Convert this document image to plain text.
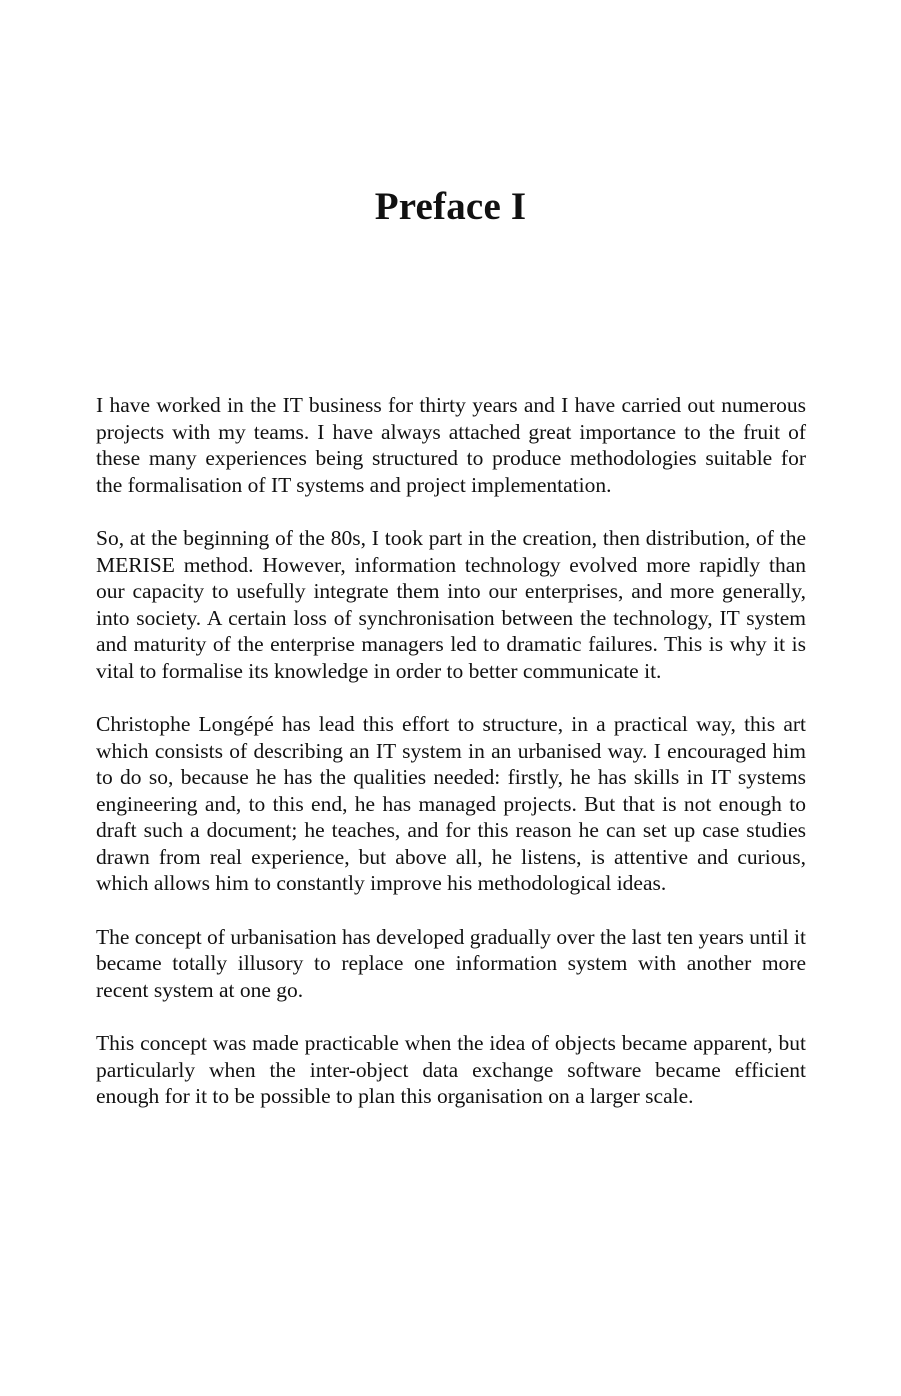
Preface I

I have worked in the IT business for thirty years and I have carried out numerous projects with my teams. I have always attached great importance to the fruit of these many experiences being structured to produce methodologies suitable for the formalisation of IT systems and project implementation.

So, at the beginning of the 80s, I took part in the creation, then distribution, of the MERISE method. However, information technology evolved more rapidly than our capacity to usefully integrate them into our enterprises, and more generally, into society. A certain loss of synchronisation between the technology, IT system and maturity of the enterprise managers led to dramatic failures. This is why it is vital to formalise its knowledge in order to better communicate it.

Christophe Longépé has lead this effort to structure, in a practical way, this art which consists of describing an IT system in an urbanised way. I encouraged him to do so, because he has the qualities needed: firstly, he has skills in IT systems engineering and, to this end, he has managed projects. But that is not enough to draft such a document; he teaches, and for this reason he can set up case studies drawn from real experience, but above all, he listens, is attentive and curious, which allows him to constantly improve his methodological ideas.

The concept of urbanisation has developed gradually over the last ten years until it became totally illusory to replace one information system with another more recent system at one go.

This concept was made practicable when the idea of objects became apparent, but particularly when the inter-object data exchange software became efficient enough for it to be possible to plan this organisation on a larger scale.
